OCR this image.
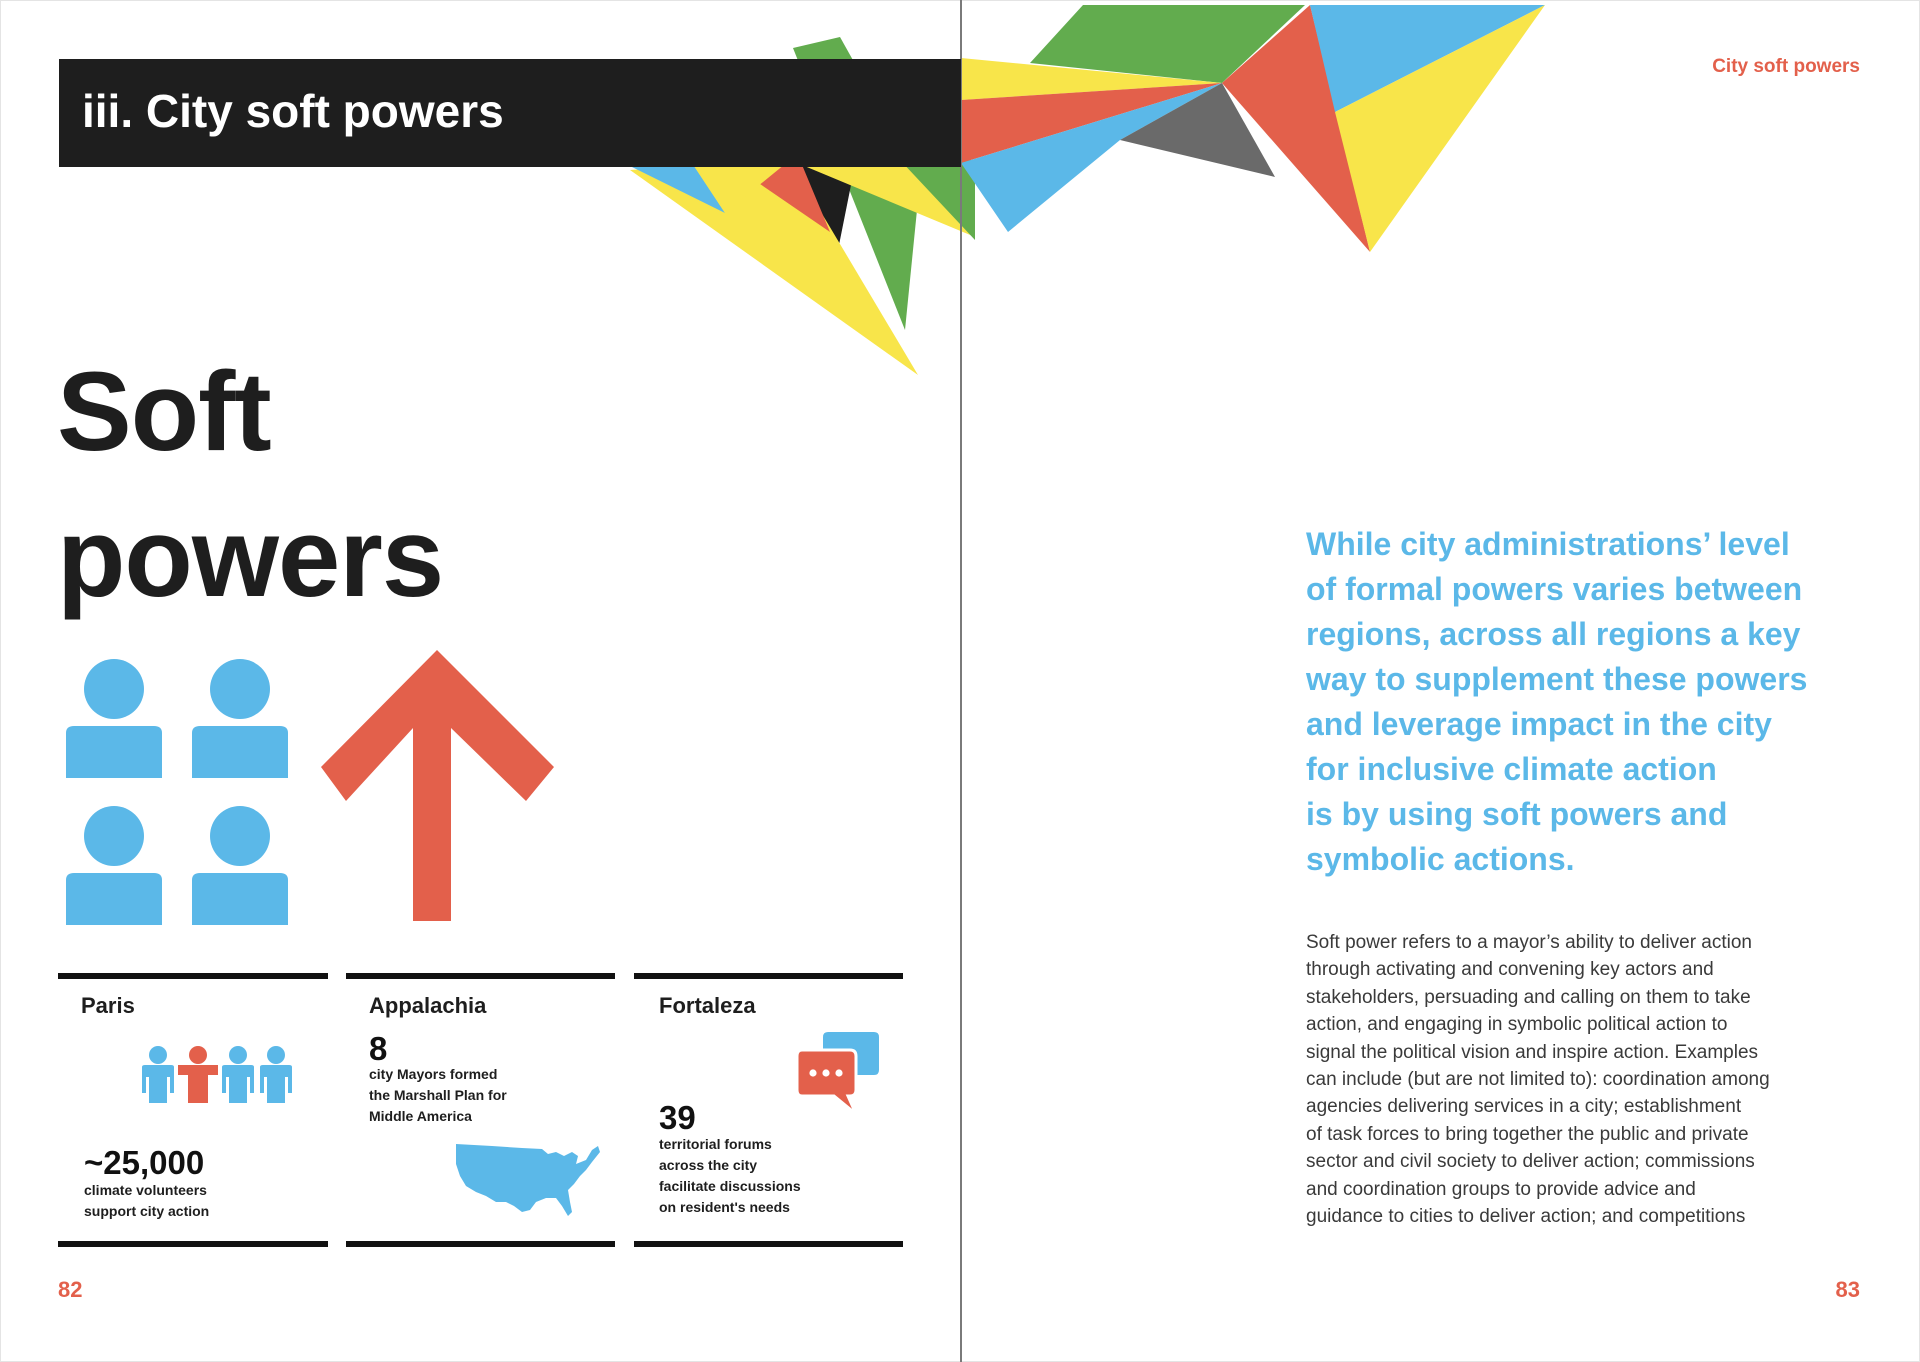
iii. City soft powers
City soft powers
Soft
powers
Paris
~25,000
climate volunteers
support city action
Appalachia
8
city Mayors formed
the Marshall Plan for
Middle America
Fortaleza
39
territorial forums
across the city
facilitate discussions
on resident's needs
82
While city administrations’ level
of formal powers varies between
regions, across all regions a key
way to supplement these powers
and leverage impact in the city
for inclusive climate action
is by using soft powers and
symbolic actions.
Soft power refers to a mayor’s ability to deliver action
through activating and convening key actors and
stakeholders, persuading and calling on them to take
action, and engaging in symbolic political action to
signal the political vision and inspire action. Examples
can include (but are not limited to): coordination among
agencies delivering services in a city; establishment
of task forces to bring together the public and private
sector and civil society to deliver action; commissions
and coordination groups to provide advice and
guidance to cities to deliver action; and competitions
83
